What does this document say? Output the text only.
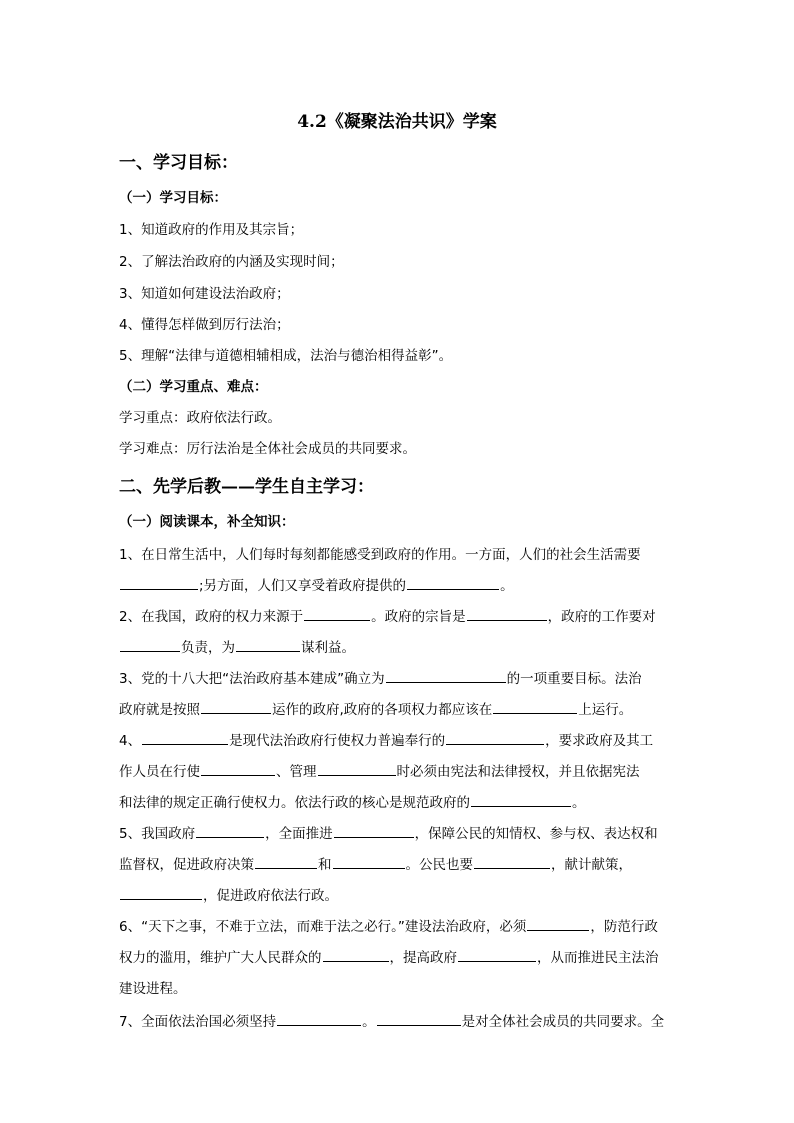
4.2《凝聚法治共识》学案
一、学习目标：
（一）学习目标：
1、知道政府的作用及其宗旨；
2、了解法治政府的内涵及实现时间；
3、知道如何建设法治政府；
4、懂得怎样做到厉行法治；
5、理解“法律与道德相辅相成，法治与德治相得益彰”。
（二）学习重点、难点：
学习重点：政府依法行政。
学习难点：厉行法治是全体社会成员的共同要求。
二、先学后教——学生自主学习：
（一）阅读课本，补全知识：
1、在日常生活中，人们每时每刻都能感受到政府的作用。一方面，人们的社会生活需要
;另方面，人们又享受着政府提供的	。
2、在我国，政府的权力来源于	。政府的宗旨是	，政府的工作要对
负责，为	谋利益。
3、党的十八大把“法治政府基本建成”确立为	的一项重要目标。法治
政府就是按照	运作的政府,政府的各项权力都应该在	上运行。
4、	是现代法治政府行使权力普遍奉行的	，要求政府及其工
作人员在行使	、管理	时必须由宪法和法律授权，并且依据宪法
和法律的规定正确行使权力。依法行政的核心是规范政府的	。
5、我国政府	，全面推进	，保障公民的知情权、参与权、表达权和
监督权，促进政府决策	和	。公民也要	，献计献策，
，促进政府依法行政。
6、“天下之事，不难于立法，而难于法之必行。”建设法治政府，必须	，防范行政
权力的滥用，维护广大人民群众的	，提高政府	，从而推进民主法治
建设进程。
7、全面依法治国必须坚持	。	是对全体社会成员的共同要求。全
